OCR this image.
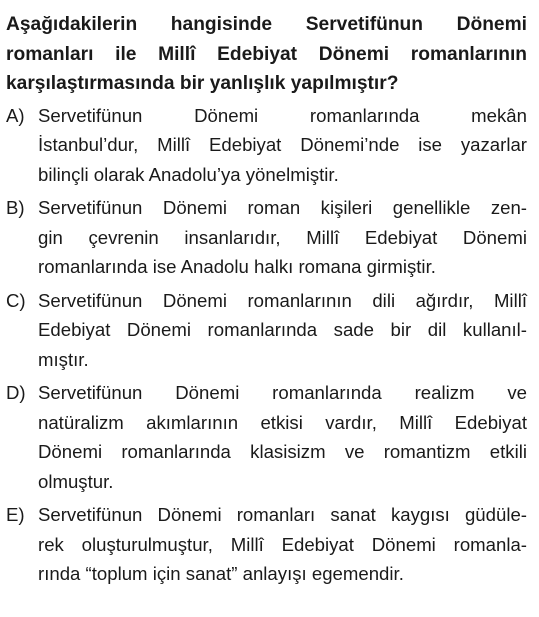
Aşağıdakilerin hangisinde Servetifünun Dönemi
romanları ile Millî Edebiyat Dönemi romanlarının
karşılaştırmasında bir yanlışlık yapılmıştır?
A) Servetifünun Dönemi romanlarında mekân
İstanbul’dur, Millî Edebiyat Dönemi’nde ise yazarlar
bilinçli olarak Anadolu’ya yönelmiştir.
B) Servetifünun Dönemi roman kişileri genellikle zen-
gin çevrenin insanlarıdır, Millî Edebiyat Dönemi
romanlarında ise Anadolu halkı romana girmiştir.
C) Servetifünun Dönemi romanlarının dili ağırdır, Millî
Edebiyat Dönemi romanlarında sade bir dil kullanıl-
mıştır.
D) Servetifünun Dönemi romanlarında realizm ve
natüralizm akımlarının etkisi vardır, Millî Edebiyat
Dönemi romanlarında klasisizm ve romantizm etkili
olmuştur.
E) Servetifünun Dönemi romanları sanat kaygısı güdüle-
rek oluşturulmuştur, Millî Edebiyat Dönemi romanla-
rında “toplum için sanat” anlayışı egemendir.
